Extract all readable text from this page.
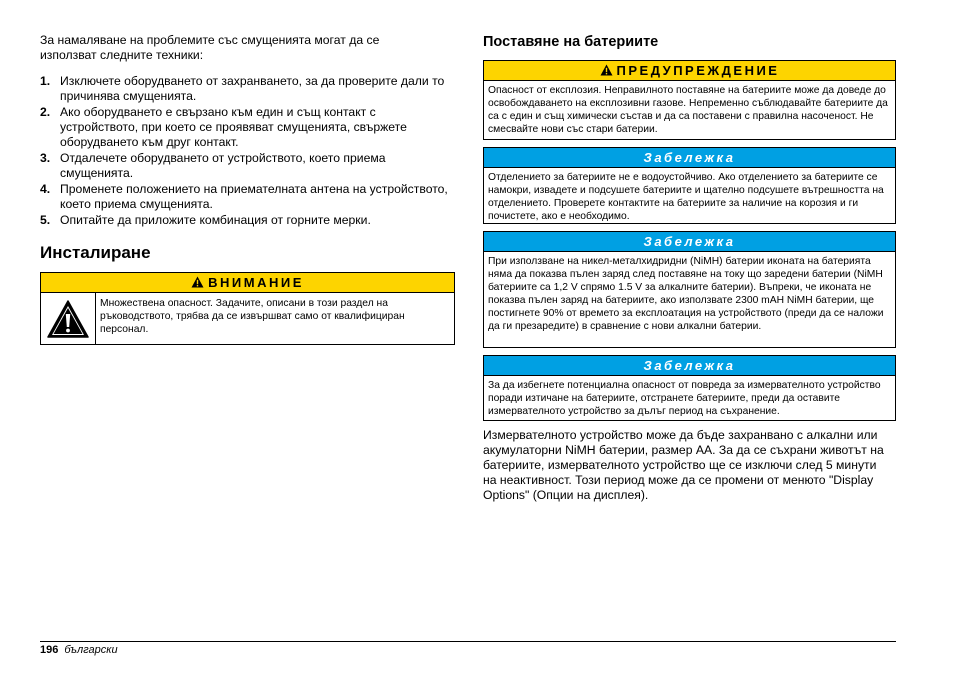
За намаляване на проблемите със смущенията могат да се използват следните техники:

1. Изключете оборудването от захранването, за да проверите дали то причинява смущенията.
2. Ако оборудването е свързано към един и същ контакт с устройството, при което се проявяват смущенията, свържете оборудването към друг контакт.
3. Отдалечете оборудването от устройството, което приема смущенията.
4. Променете положението на приемателната антена на устройството, което приема смущенията.
5. Опитайте да приложите комбинация от горните мерки.
Инсталиране
ВНИМАНИЕ
Множествена опасност. Задачите, описани в този раздел на ръководството, трябва да се извършват само от квалифициран персонал.
Поставяне на батериите
ПРЕДУПРЕЖДЕНИЕ
Опасност от експлозия. Неправилното поставяне на батериите може да доведе до освобождаването на експлозивни газове. Непременно съблюдавайте батериите да са с един и същ химически състав и да са поставени с правилна насоченост. Не смесвайте нови със стари батерии.
Забележка
Отделението за батериите не е водоустойчиво. Ако отделението за батериите се намокри, извадете и подсушете батериите и щателно подсушете вътрешността на отделението. Проверете контактите на батериите за наличие на корозия и ги почистете, ако е необходимо.
Забележка
При използване на никел-металхидридни (NiMH) батерии иконата на батерията няма да показва пълен заряд след поставяне на току що заредени батерии (NiMH батериите са 1,2 V спрямо 1.5 V за алкалните батерии). Въпреки, че иконата не показва пълен заряд на батериите, ако използвате 2300 mAH NiMH батерии, ще постигнете 90% от времето за експлоатация на устройството (преди да се наложи да ги презаредите) в сравнение с нови алкални батерии.
Забележка
За да избегнете потенциална опасност от повреда за измервателното устройство поради изтичане на батериите, отстранете батериите, преди да оставите измервателното устройство за дълъг период на съхранение.

Измервателното устройство може да бъде захранвано с алкални или акумулаторни NiMH батерии, размер AA. За да се съхрани животът на батериите, измервателното устройство ще се изключи след 5 минути на неактивност. Този период може да се промени от менюто "Display Options" (Опции на дисплея).

196 български
